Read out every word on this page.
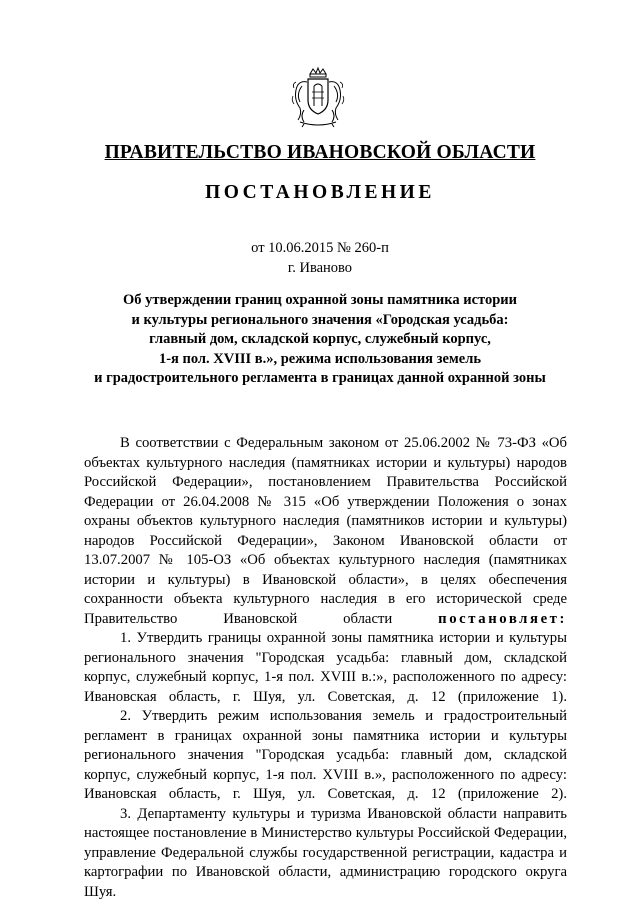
ПРАВИТЕЛЬСТВО ИВАНОВСКОЙ ОБЛАСТИ
ПОСТАНОВЛЕНИЕ
от 10.06.2015 № 260-п
г. Иваново
Об утверждении границ охранной зоны памятника истории
и культуры регионального значения «Городская усадьба:
главный дом, складской корпус, служебный корпус,
1-я пол. XVIII в.», режима использования земель
и градостроительного регламента в границах данной охранной зоны

В соответствии с Федеральным законом от 25.06.2002 № 73-ФЗ «Об объектах культурного наследия (памятниках истории и культуры) народов Российской Федерации», постановлением Правительства Российской Федерации от 26.04.2008 № 315 «Об утверждении Положения о зонах охраны объектов культурного наследия (памятников истории и культуры) народов Российской Федерации», Законом Ивановской области от 13.07.2007 № 105-ОЗ «Об объектах культурного наследия (памятниках истории и культуры) в Ивановской области», в целях обеспечения сохранности объекта культурного наследия в его исторической среде Правительство Ивановской области	постановляет:

1. Утвердить границы охранной зоны памятника истории и культуры регионального значения "Городская усадьба: главный дом, складской корпус, служебный корпус, 1-я пол. XVIII в.:», расположенного по адресу: Ивановская область, г. Шуя, ул. Советская, д. 12 (приложение 1).

2. Утвердить режим использования земель и градостроительный регламент в границах охранной зоны памятника истории и культуры регионального значения "Городская усадьба: главный дом, складской корпус, служебный корпус, 1-я пол. XVIII в.», расположенного по адресу: Ивановская область, г. Шуя, ул. Советская, д. 12 (приложение 2).

3. Департаменту культуры и туризма Ивановской области направить настоящее постановление в Министерство культуры Российской Федерации, управление Федеральной службы государственной регистрации, кадастра и картографии по Ивановской области, администрацию городского округа Шуя.
